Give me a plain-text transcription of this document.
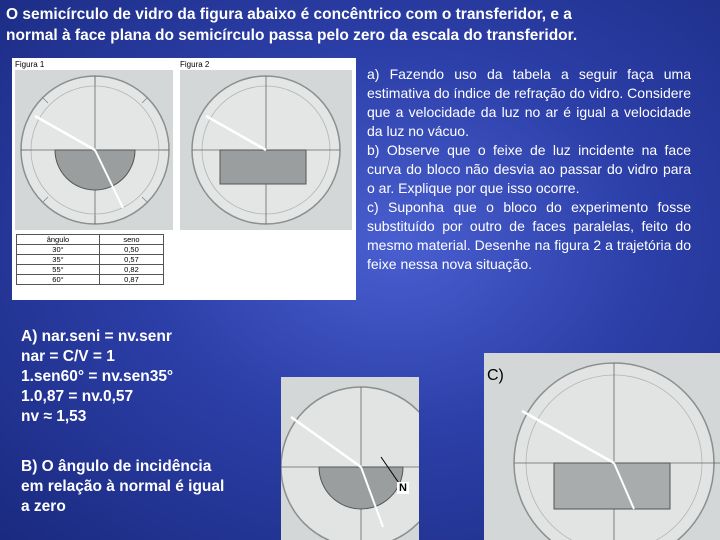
O semicírculo de vidro da figura abaixo é concêntrico com o transferidor, e a
normal à face plana do semicírculo passa pelo zero da escala do transferidor.
Figura 1	Figura 2
ângulo	seno
30°	0,50
35°	0,57
55°	0,82
60°	0,87

a) Fazendo uso da tabela a seguir faça uma estimativa do índice de refração do vidro. Considere que a velocidade da luz no ar é igual a velocidade da luz no vácuo.

b) Observe que o feixe de luz incidente na face curva do bloco não desvia ao passar do vidro para o ar. Explique por que isso ocorre.

c) Suponha que o bloco do experimento fosse substituído por outro de faces paralelas, feito do mesmo material. Desenhe na figura 2 a trajetória do feixe nessa nova situação.

A) nar.seni = nv.senr
nar = C/V = 1
1.sen60° = nv.sen35°
1.0,87 = nv.0,57
nv ≈ 1,53
B) O ângulo de incidência
em relação à normal é igual
a zero
N
C)
